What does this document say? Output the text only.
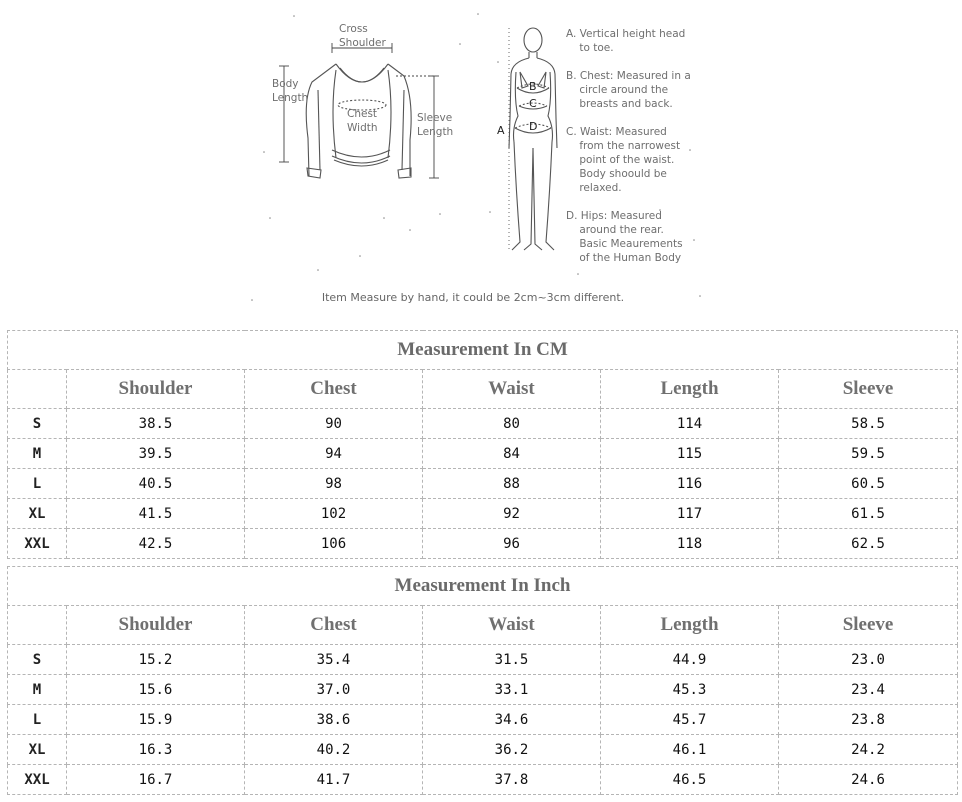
Cross
Shoulder
Body
Length
Chest
Width
Sleeve
Length	A
B
C
D
A. Vertical height head
to toe.
B. Chest: Measured in a
circle around the
breasts and back.
C. Waist: Measured
from the narrowest
point of the waist.
Body shoould be
relaxed.
D. Hips: Measured
around the rear.
Basic Meaurements
of the Human Body
Item Measure by hand, it could be 2cm~3cm different.
Measurement In CM					
	Shoulder	Chest	Waist	Length	Sleeve
S	38.5	90	80	114	58.5
M	39.5	94	84	115	59.5
L	40.5	98	88	116	60.5
XL	41.5	102	92	117	61.5
XXL	42.5	106	96	118	62.5
Measurement In Inch					
	Shoulder	Chest	Waist	Length	Sleeve
S	15.2	35.4	31.5	44.9	23.0
M	15.6	37.0	33.1	45.3	23.4
L	15.9	38.6	34.6	45.7	23.8
XL	16.3	40.2	36.2	46.1	24.2
XXL	16.7	41.7	37.8	46.5	24.6
